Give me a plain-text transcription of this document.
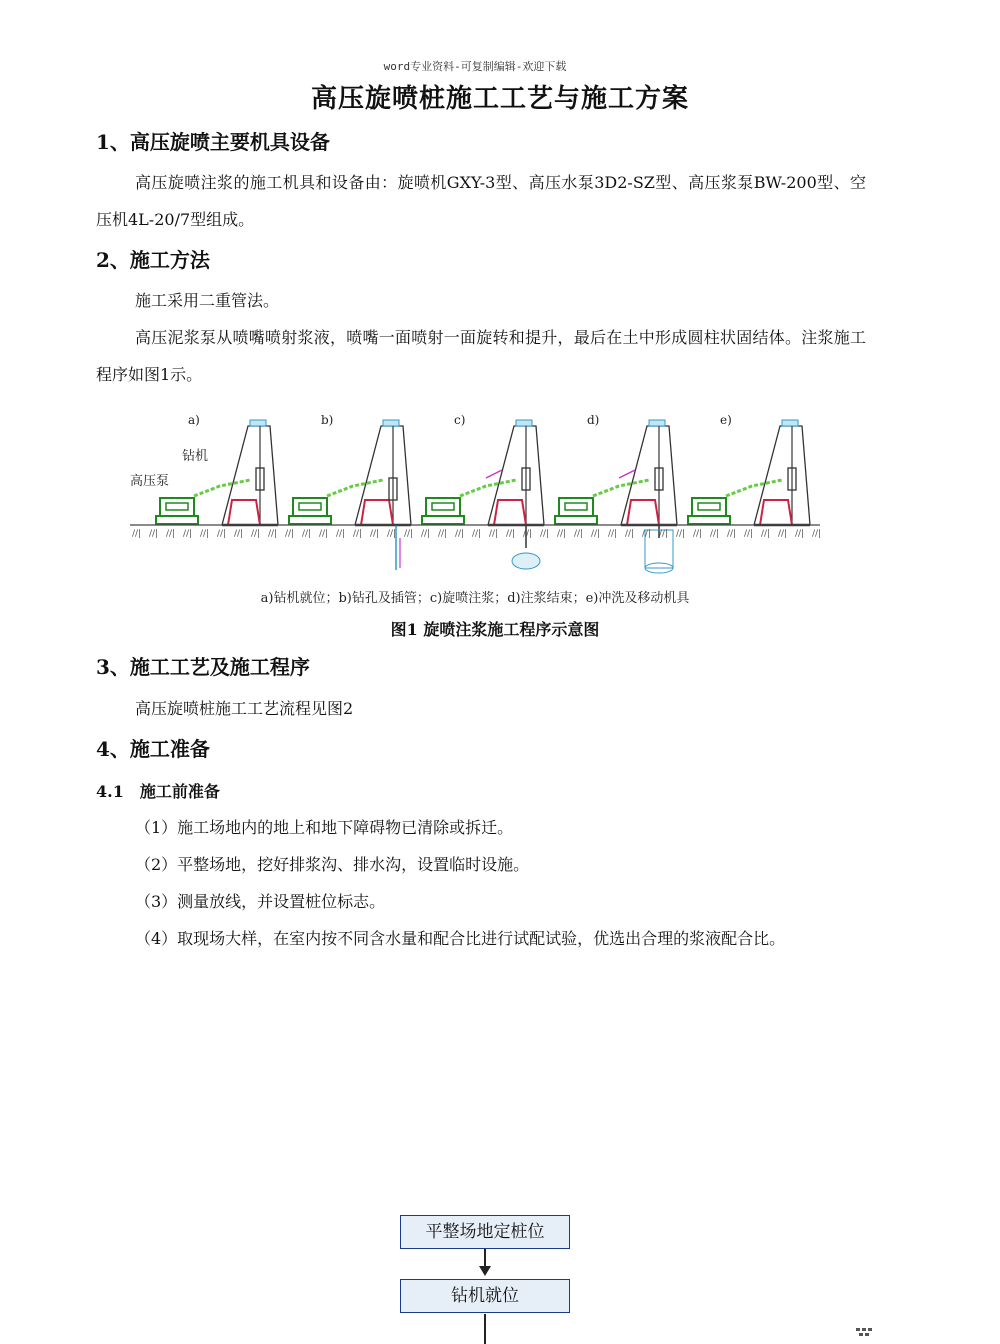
word专业资料-可复制编辑-欢迎下载
高压旋喷桩施工工艺与施工方案
1、高压旋喷主要机具设备
高压旋喷注浆的施工机具和设备由：旋喷机GXY-3型、高压水泵3D2-SZ型、高压浆泵BW-200型、空压机4L-20/7型组成。
2、施工方法
施工采用二重管法。
高压泥浆泵从喷嘴喷射浆液，喷嘴一面喷射一面旋转和提升，最后在土中形成圆柱状固结体。注浆施工程序如图1示。
a)	b)	c)	d)	e)
//| //| //| //| //| //| //| //| //| //| //| //| //| //| //| //| //| //| //| //| //| //| //| //| //| //| //| //| //| //| //| //| //| //| //| //| //| //| //| //| //|
钻机
高压泵
a)钻机就位；b)钻孔及插管；c)旋喷注浆；d)注浆结束；e)冲洗及移动机具
图1 旋喷注浆施工程序示意图
3、施工工艺及施工程序
高压旋喷桩施工工艺流程见图2
4、施工准备
4.1　施工前准备
（1）施工场地内的地上和地下障碍物已清除或拆迁。
（2）平整场地，挖好排浆沟、排水沟，设置临时设施。
（3）测量放线，并设置桩位标志。
（4）取现场大样，在室内按不同含水量和配合比进行试配试验，优选出合理的浆液配合比。
平整场地定桩位
钻机就位
